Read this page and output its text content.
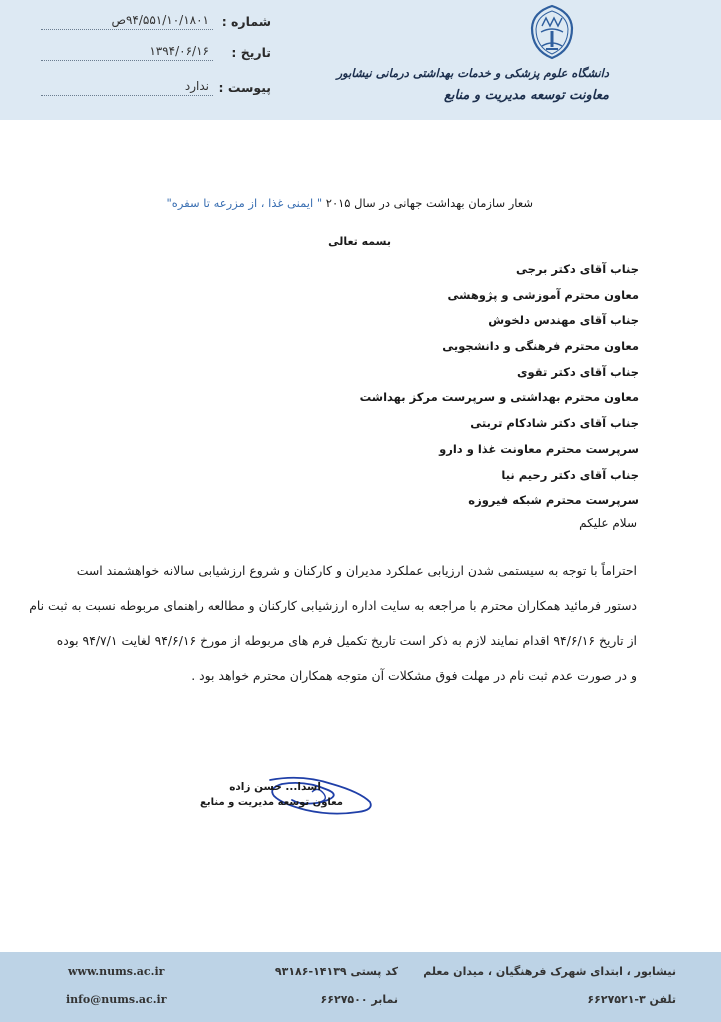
شماره :
۹۴/۵۵۱/۱۰/۱۸۰۱ص
تاریخ :
۱۳۹۴/۰۶/۱۶
پیوست :
ندارد
دانشگاه علوم پزشکی و خدمات بهداشتی درمانی نیشابور
معاونت توسعه مدیریت و منابع
شعار سازمان بهداشت جهانی در سال ۲۰۱۵ " ایمنی غذا ، از مزرعه تا سفره"
بسمه تعالی
جناب آقای دکتر برجی
معاون محترم آموزشی و پژوهشی
جناب آقای مهندس دلخوش
معاون محترم فرهنگی و دانشجویی
جناب آقای دکتر تقوی
معاون محترم بهداشتی و سرپرست مرکز بهداشت
جناب آقای دکتر شادکام تربتی
سرپرست محترم معاونت غذا و دارو
جناب آقای دکتر رحیم نیا
سرپرست محترم شبکه فیروزه
سلام علیکم
احتراماً با توجه به سیستمی شدن ارزیابی عملکرد مدیران و کارکنان و شروع ارزشیابی سالانه خواهشمند است
دستور فرمائید همکاران محترم با مراجعه به سایت اداره ارزشیابی کارکنان و مطالعه راهنمای مربوطه نسبت به ثبت نام
از تاریخ ۹۴/۶/۱۶ اقدام نمایند لازم به ذکر است تاریخ تکمیل فرم های مربوطه از مورخ ۹۴/۶/۱۶ لغایت ۹۴/۷/۱ بوده
و در صورت عدم ثبت نام در مهلت فوق مشکلات آن متوجه همکاران محترم خواهد بود .
اسدا... حسن زاده
معاون توسعه مدیریت و منابع
نیشابور ، ابتدای شهرک فرهنگیان ، میدان معلم
تلفن ۳-۶۶۲۷۵۲۱
کد پستی ۱۴۱۳۹-۹۳۱۸۶
نمابر ۶۶۲۷۵۰۰
www.nums.ac.ir
info@nums.ac.ir
